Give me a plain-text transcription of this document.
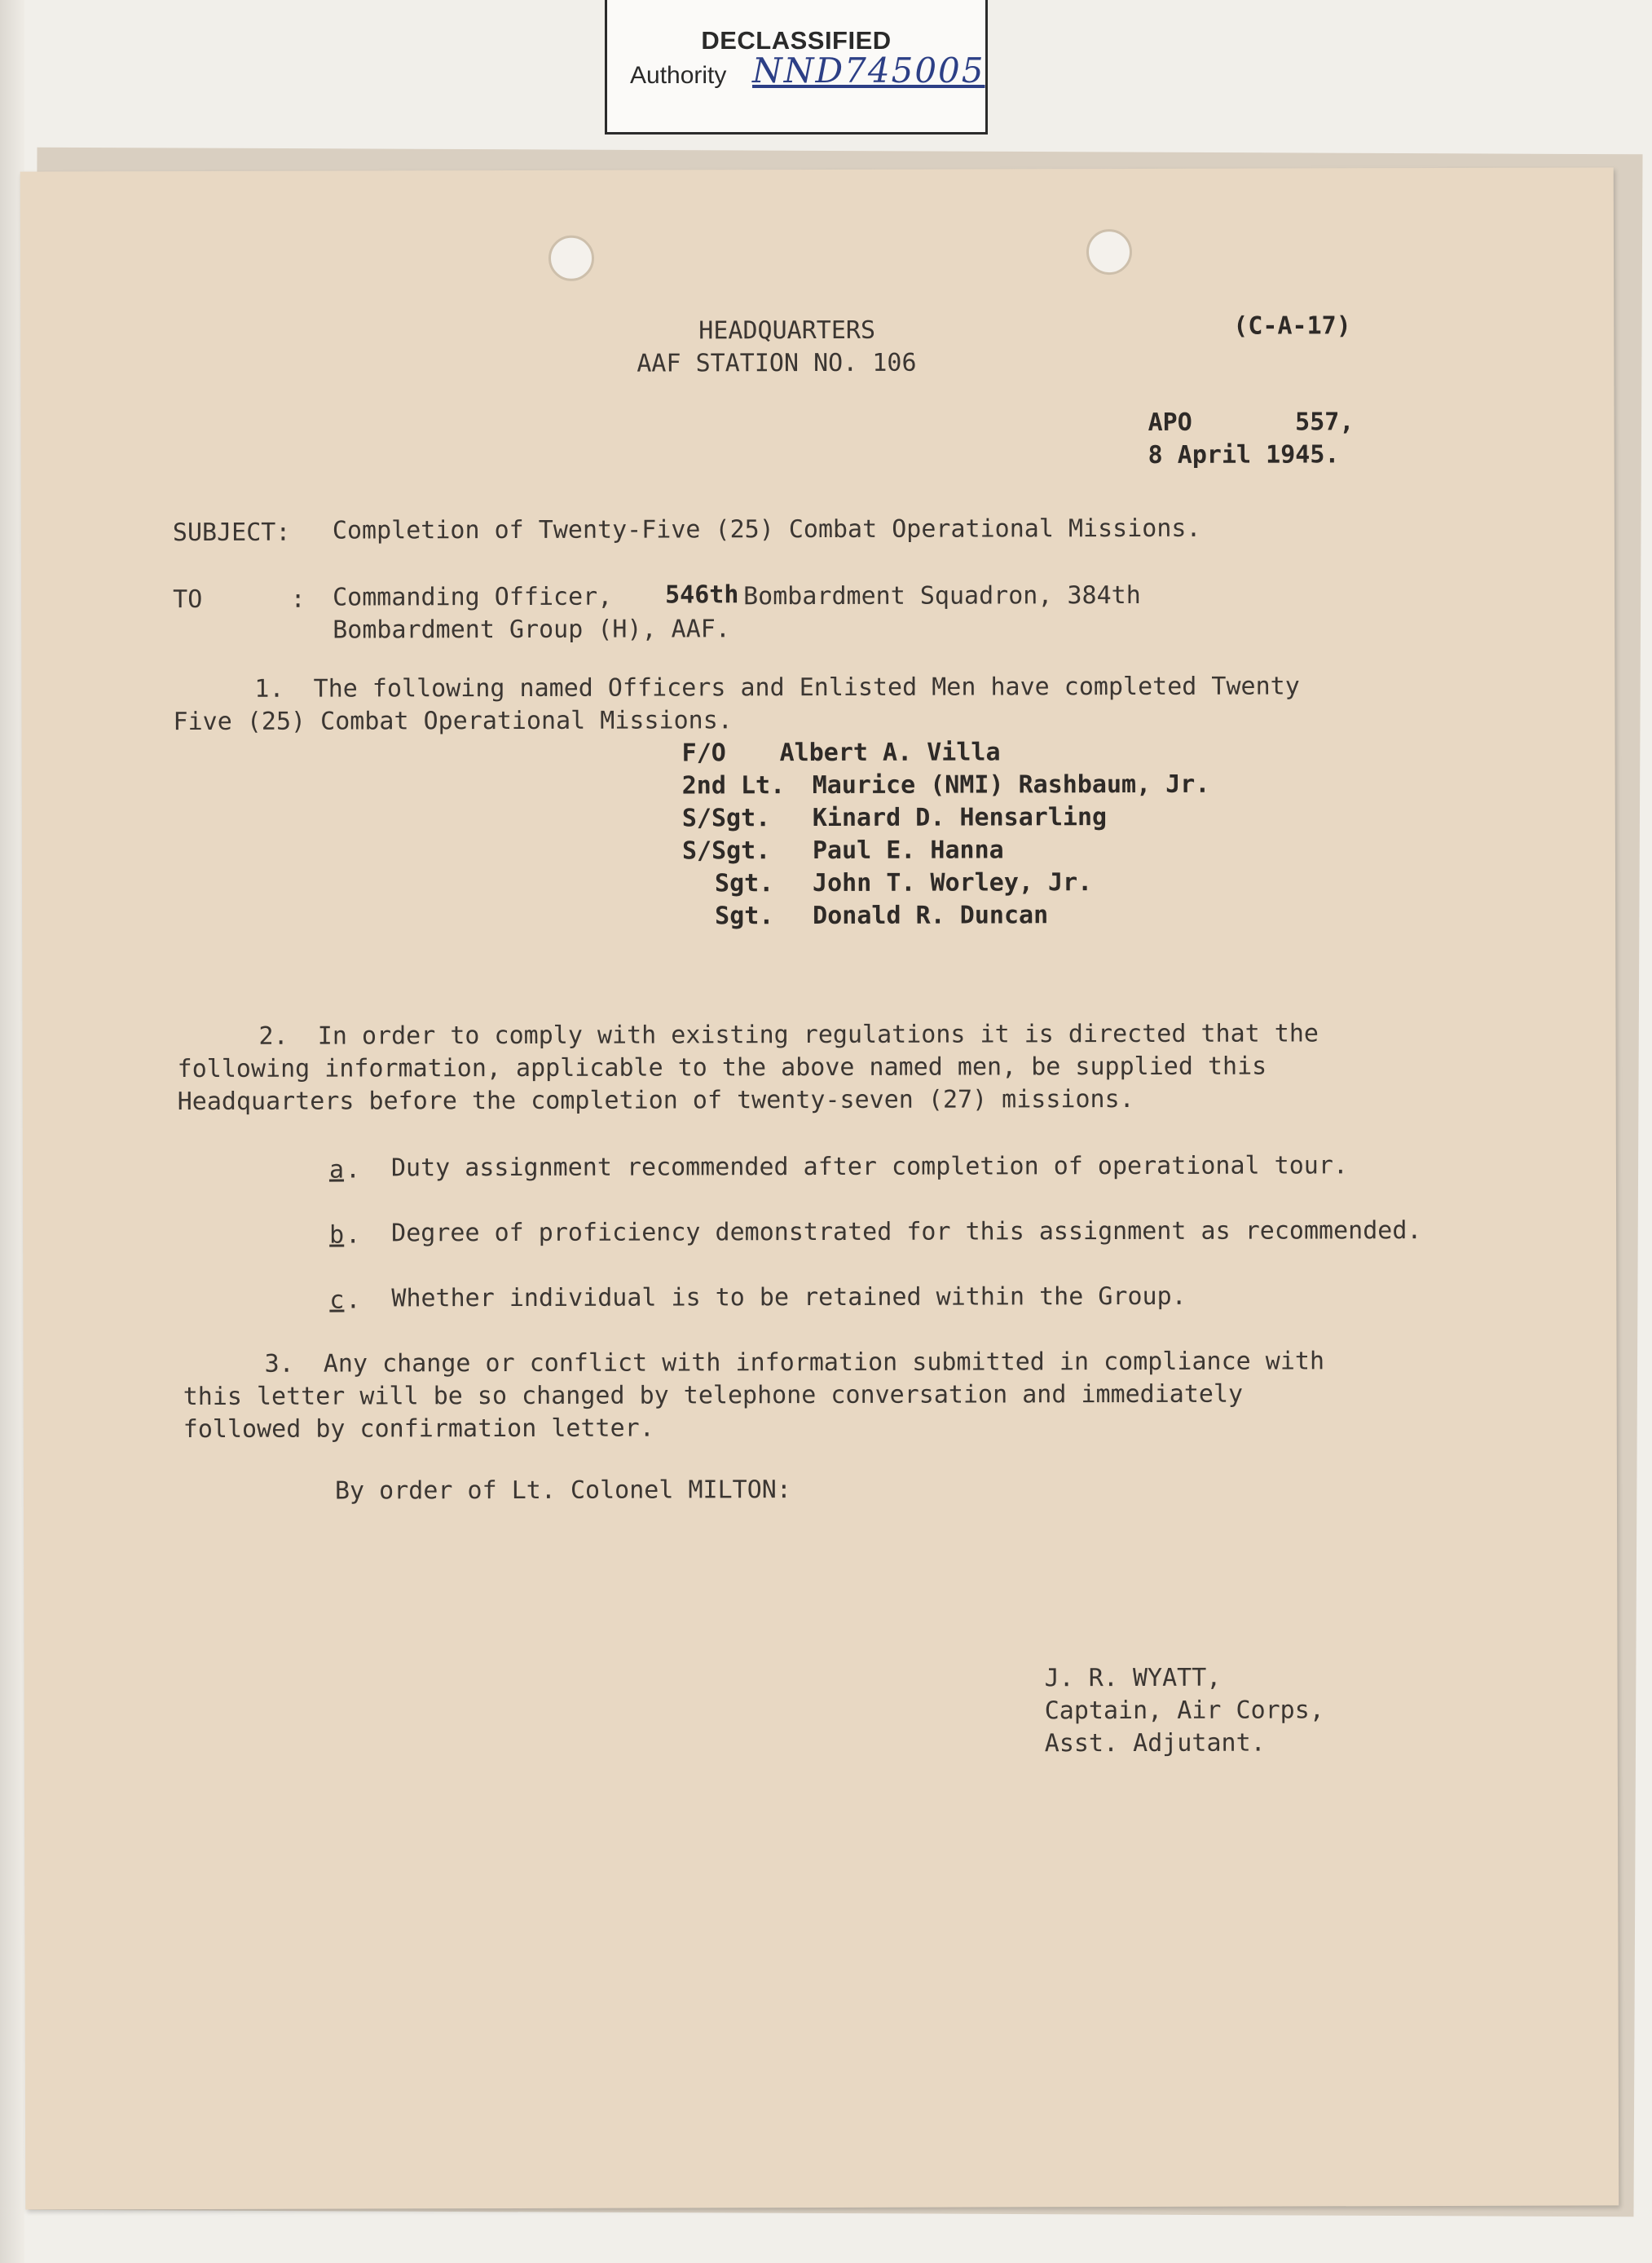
DECLASSIFIED
Authority NND745005
HEADQUARTERS
AAF STATION NO. 106
(C-A-17)
APO       557,
8 April 1945.
SUBJECT: Completion of Twenty-Five (25) Combat Operational Missions.
TO      : Commanding Officer, 546th Bombardment Squadron, 384th
Bombardment Group (H), AAF.
1.  The following named Officers and Enlisted Men have completed Twenty
Five (25) Combat Operational Missions.
F/O Albert A. Villa
2nd Lt. Maurice (NMI) Rashbaum, Jr.
S/Sgt. Kinard D. Hensarling
S/Sgt. Paul E. Hanna
Sgt. John T. Worley, Jr.
Sgt. Donald R. Duncan
2.  In order to comply with existing regulations it is directed that the
following information, applicable to the above named men, be supplied this
Headquarters before the completion of twenty-seven (27) missions.
a . Duty assignment recommended after completion of operational tour.
b . Degree of proficiency demonstrated for this assignment as recommended.
c . Whether individual is to be retained within the Group.
3.  Any change or conflict with information submitted in compliance with
this letter will be so changed by telephone conversation and immediately
followed by confirmation letter.
By order of Lt. Colonel MILTON:
J. R. WYATT,
Captain, Air Corps,
Asst. Adjutant.
